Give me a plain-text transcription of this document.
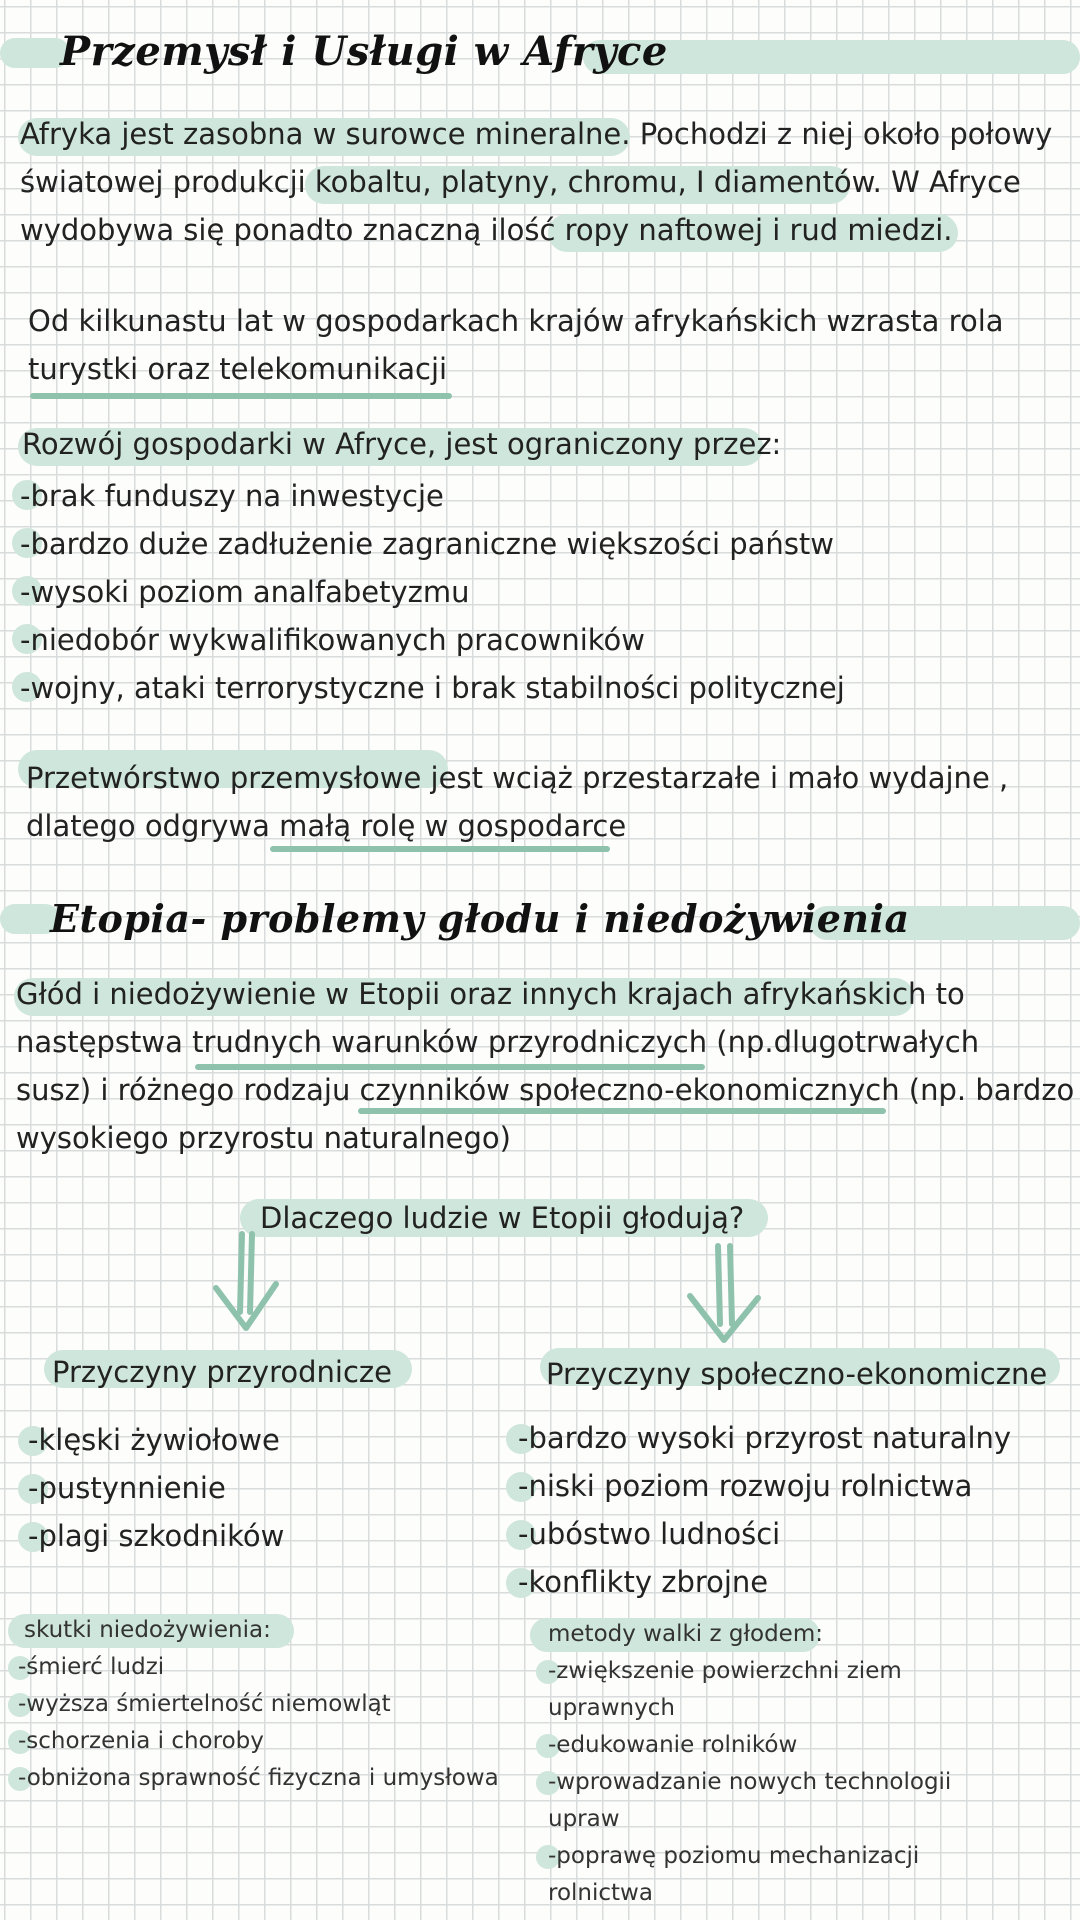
Przemysł i Usługi w Afryce
Afryka jest zasobna w surowce mineralne. Pochodzi z niej około połowy
światowej produkcji kobaltu, platyny, chromu, I diamentów. W Afryce
wydobywa się ponadto znaczną ilość ropy naftowej i rud miedzi.
Od kilkunastu lat w gospodarkach krajów afrykańskich wzrasta rola
turystki oraz telekomunikacji
Rozwój gospodarki w Afryce, jest ograniczony przez:
-brak funduszy na inwestycje
-bardzo duże zadłużenie zagraniczne większości państw
-wysoki poziom analfabetyzmu
-niedobór wykwalifikowanych pracowników
-wojny, ataki terrorystyczne i brak stabilności politycznej
Przetwórstwo przemysłowe jest wciąż przestarzałe i mało wydajne ,
dlatego odgrywa małą rolę w gospodarce
Etopia- problemy głodu i niedożywienia
Głód i niedożywienie w Etopii oraz innych krajach afrykańskich to
następstwa trudnych warunków przyrodniczych (np.dlugotrwałych
susz) i różnego rodzaju czynników społeczno-ekonomicznych (np. bardzo
wysokiego przyrostu naturalnego)
Dlaczego ludzie w Etopii głodują?
Przyczyny przyrodnicze
-klęski żywiołowe
-pustynnienie
-plagi szkodników
Przyczyny społeczno-ekonomiczne
-bardzo wysoki przyrost naturalny
-niski poziom rozwoju rolnictwa
-ubóstwo ludności
-konflikty zbrojne
skutki niedożywienia:
-śmierć ludzi
-wyższa śmiertelność niemowląt
-schorzenia i choroby
-obniżona sprawność fizyczna i umysłowa
metody walki z głodem:
-zwiększenie powierzchni ziem
uprawnych
-edukowanie rolników
-wprowadzanie nowych technologii
upraw
-poprawę poziomu mechanizacji
rolnictwa
